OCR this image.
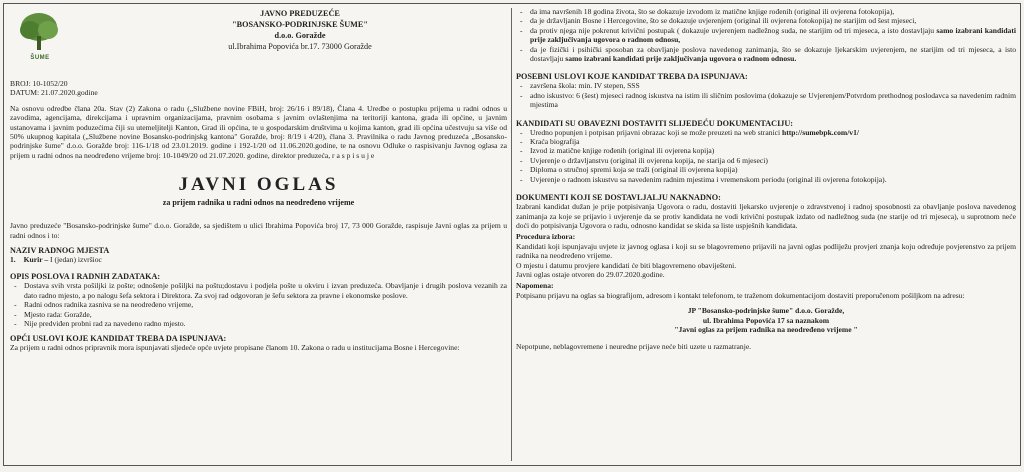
ŠUME
JAVNO PREDUZEĆE
"BOSANSKO-PODRINJSKE ŠUME"
d.o.o. Goražde
ul.Ibrahima Popovića br.17. 73000 Goražde
BROJ: 10-1052/20
DATUM: 21.07.2020.godine

Na osnovu odredbe člana 20a. Stav (2) Zakona o radu („Službene novine FBiH, broj: 26/16 i 89/18), Člana 4. Uredbe o postupku prijema u radni odnos u zavodima, agencijama, direkcijama i upravnim organizacijama, pravnim osobama s javnim ovlaštenjima na teritoriji kantona, grada ili općine, u javnim ustanovama i javnim poduzećima čiji su utemeljitelji Kanton, Grad ili općina, te u gospodarskim društvima u kojima kanton, grad ili općina učestvuju sa više od 50% ukupnog kapitala („Službene novine Bosansko-podrinjskg kantona" Goražde, broj: 8/19 i 4/20), člana 3. Pravilnika o radu Javnog preduzeća „Bosansko-podrinjske šume" d.o.o. Goražde broj: 116-1/18 od 23.01.2019. godine i 192-1/20 od 11.06.2020.godine, te na osnovu Odluke o raspisivanju Javnog oglasa za prijem u radni odnos na neodređeno vrijeme broj: 10-1049/20 od 21.07.2020. godine, direktor preduzeća, r a s p i s u j e

JAVNI OGLAS
za prijem radnika u radni odnos na neodređeno vrijeme

Javno preduzeće "Bosansko-podrinjske šume" d.o.o. Goražde, sa sjedištem u ulici Ibrahima Popovića broj 17, 73 000 Goražde, raspisuje Javni oglas za prijem u radni odnos i to:

NAZIV RADNOG MJESTA
1. Kurir – I (jedan) izvršioc
OPIS POSLOVA I RADNIH ZADATAKA:
- Dostava svih vrsta pošiljki iz pošte; odnošenje pošiljki na poštu;dostavu i podjela pošte u okviru i izvan preduzeća. Obavljanje i drugih poslova vezanih za dato radno mjesto, a po nalogu šefa sektora i Direktora. Za svoj rad odgovoran je šefu sektora za pravne i ekonomske poslove.
- Radni odnos radnika zasniva se na neodređeno vrijeme,
- Mjesto rada: Goražde,
- Nije predviđen probni rad za navedeno radno mjesto.
OPĆI USLOVI KOJE KANDIDAT TREBA DA ISPUNJAVA:

Za prijem u radni odnos pripravnik mora ispunjavati sljedeće opće uvjete propisane članom 10. Zakona o radu u institucijama Bosne i Hercegovine:

- da ima navršenih 18 godina života, što se dokazuje izvodom iz matične knjige rođenih (original ili ovjerena fotokopija),
- da je državljanin Bosne i Hercegovine, što se dokazuje uvjerenjem (original ili ovjerena fotokopija) ne starijim od šest mjeseci,
- da protiv njega nije pokrenut krivični postupak ( dokazuje uvjerenjem nadležnog suda, ne starijim od tri mjeseca, a isto dostavljaju samo izabrani kandidati prije zaključivanja ugovora o radnom odnosu,
- da je fizički i psihički sposoban za obavljanje poslova navedenog zanimanja, što se dokazuje ljekarskim uvjerenjem, ne starijim od tri mjeseca, a isto dostavljaju samo izabrani kandidati prije zaključivanja ugovora o radnom odnosu.
POSEBNI USLOVI KOJE KANDIDAT TREBA DA ISPUNJAVA:
- završena škola: min. IV stepen, SSS
- adno iskustvo: 6 (šest) mjeseci radnog iskustva na istim ili sličnim poslovima (dokazuje se Uvjerenjem/Potvrdom prethodnog poslodavca sa navedenim radnim mjestima
KANDIDATI SU OBAVEZNI DOSTAVITI SLIJEDEĆU DOKUMENTACIJU:
- Uredno popunjen i potpisan prijavni obrazac koji se može preuzeti na web stranici http://sumebpk.com/v1/
- Kraća biografija
- Izvod iz matične knjige rođenih (original ili ovjerena kopija)
- Uvjerenje o državljanstvu (original ili ovjerena kopija, ne starija od 6 mjeseci)
- Diploma o stručnoj spremi koja se traži (original ili ovjerena kopija)
- Uvjerenje o radnom iskustvu sa navedenim radnim mjestima i vremenskom periodu (original ili ovjerena fotokopija).
DOKUMENTI KOJI SE DOSTAVLJALJU NAKNADNO:

Izabrani kandidat dužan je prije potpisivanja Ugovora o radu, dostaviti ljekarsko uvjerenje o zdravstvenoj i radnoj sposobnosti za obavljanje poslova navedenog zanimanja za koje se prijavio i uvjerenje da se protiv kandidata ne vodi krivični postupak izdato od nadležnog suda (ne starije od tri mjeseca), u suprotnom neće doći do potpisivanja Ugovora o radu, odnosno kandidat se skida sa liste uspješnih kandidata.

Procedura izbora:

Kandidati koji ispunjavaju uvjete iz javnog oglasa i koji su se blagovremeno prijavili na javni oglas podliježu provjeri znanja koju određuje povjerenstvo za prijem radnika na neodređeno vrijeme.

O mjestu i datumu provjere kandidati će biti blagovremeno obaviješteni.

Javni oglas ostaje otvoren do 29.07.2020.godine.

Napomena:

Potpisanu prijavu na oglas sa biografijom, adresom i kontakt telefonom, te traženom dokumentacijom dostaviti preporučenom pošiljkom na adresu:

JP "Bosansko-podrinjske šume" d.o.o. Goražde,
ul. Ibrahima Popovića 17 sa naznakom
"Javni oglas za prijem radnika na neodređeno vrijeme "

Nepotpune, neblagovremene i neuredne prijave neće biti uzete u razmatranje.
